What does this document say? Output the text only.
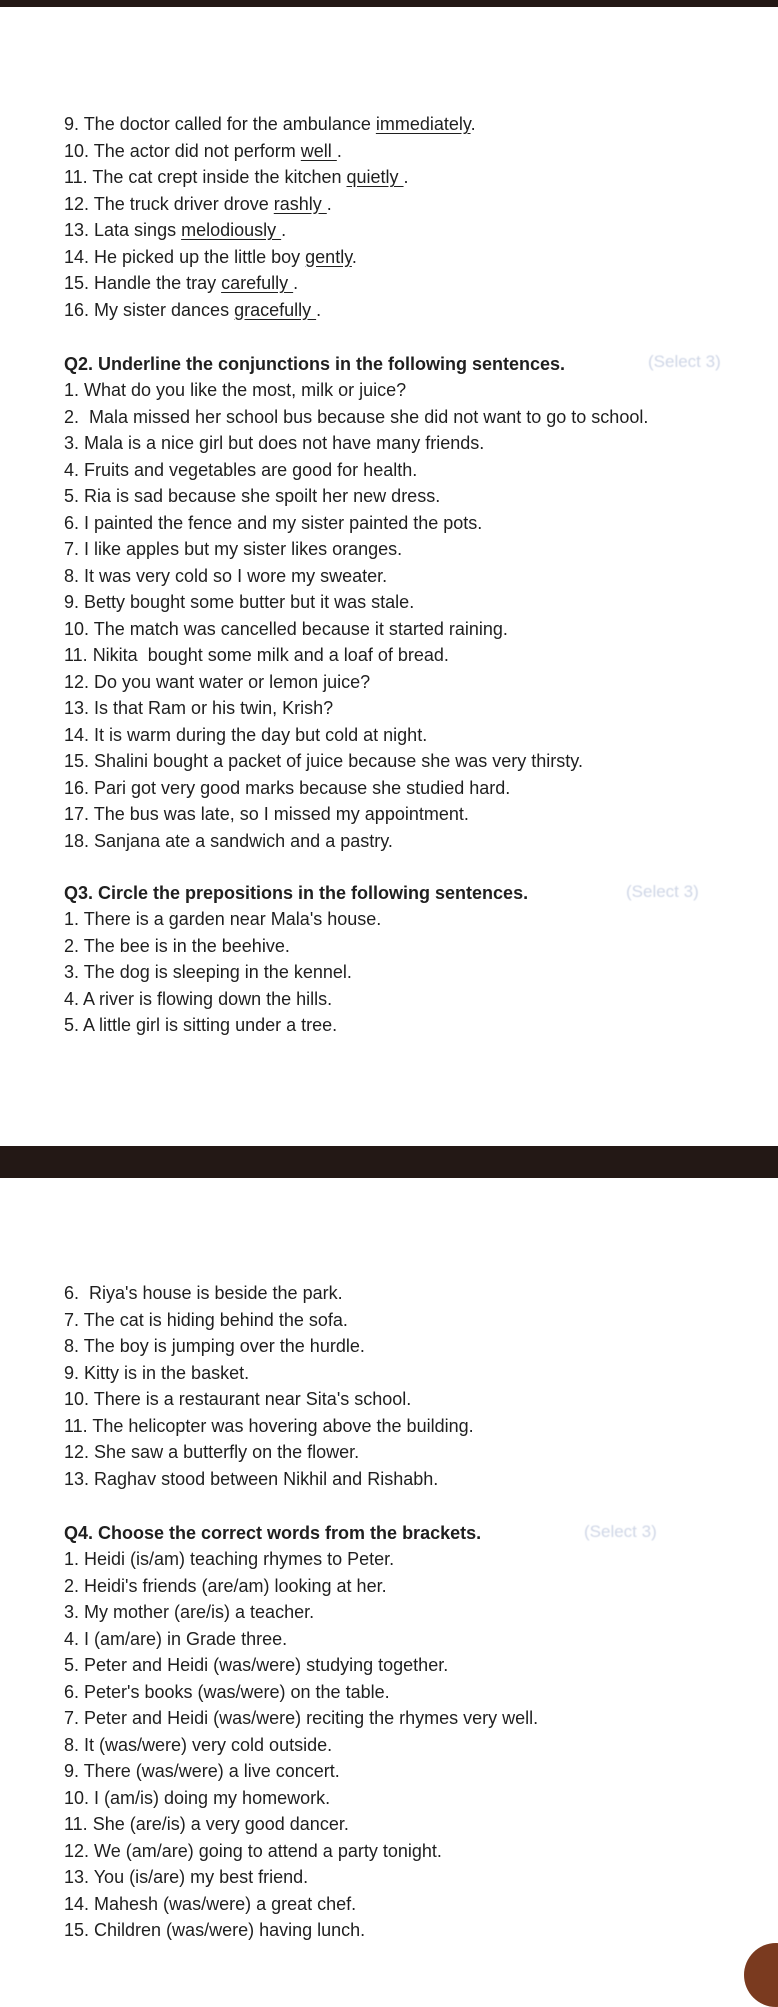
9. The doctor called for the ambulance immediately.
10. The actor did not perform well .
11. The cat crept inside the kitchen quietly .
12. The truck driver drove rashly .
13. Lata sings melodiously .
14. He picked up the little boy gently.
15. Handle the tray carefully .
16. My sister dances gracefully .
Q2. Underline the conjunctions in the following sentences.
1. What do you like the most, milk or juice?
2.  Mala missed her school bus because she did not want to go to school.
3. Mala is a nice girl but does not have many friends.
4. Fruits and vegetables are good for health.
5. Ria is sad because she spoilt her new dress.
6. I painted the fence and my sister painted the pots.
7. I like apples but my sister likes oranges.
8. It was very cold so I wore my sweater.
9. Betty bought some butter but it was stale.
10. The match was cancelled because it started raining.
11. Nikita  bought some milk and a loaf of bread.
12. Do you want water or lemon juice?
13. Is that Ram or his twin, Krish?
14. It is warm during the day but cold at night.
15. Shalini bought a packet of juice because she was very thirsty.
16. Pari got very good marks because she studied hard.
17. The bus was late, so I missed my appointment.
18. Sanjana ate a sandwich and a pastry.
(Select 3)
Q3. Circle the prepositions in the following sentences.
1. There is a garden near Mala's house.
2. The bee is in the beehive.
3. The dog is sleeping in the kennel.
4. A river is flowing down the hills.
5. A little girl is sitting under a tree.
(Select 3)
6.  Riya's house is beside the park.
7. The cat is hiding behind the sofa.
8. The boy is jumping over the hurdle.
9. Kitty is in the basket.
10. There is a restaurant near Sita's school.
11. The helicopter was hovering above the building.
12. She saw a butterfly on the flower.
13. Raghav stood between Nikhil and Rishabh.
Q4. Choose the correct words from the brackets.
1. Heidi (is/am) teaching rhymes to Peter.
2. Heidi's friends (are/am) looking at her.
3. My mother (are/is) a teacher.
4. I (am/are) in Grade three.
5. Peter and Heidi (was/were) studying together.
6. Peter's books (was/were) on the table.
7. Peter and Heidi (was/were) reciting the rhymes very well.
8. It (was/were) very cold outside.
9. There (was/were) a live concert.
10. I (am/is) doing my homework.
11. She (are/is) a very good dancer.
12. We (am/are) going to attend a party tonight.
13. You (is/are) my best friend.
14. Mahesh (was/were) a great chef.
15. Children (was/were) having lunch.
(Select 3)
